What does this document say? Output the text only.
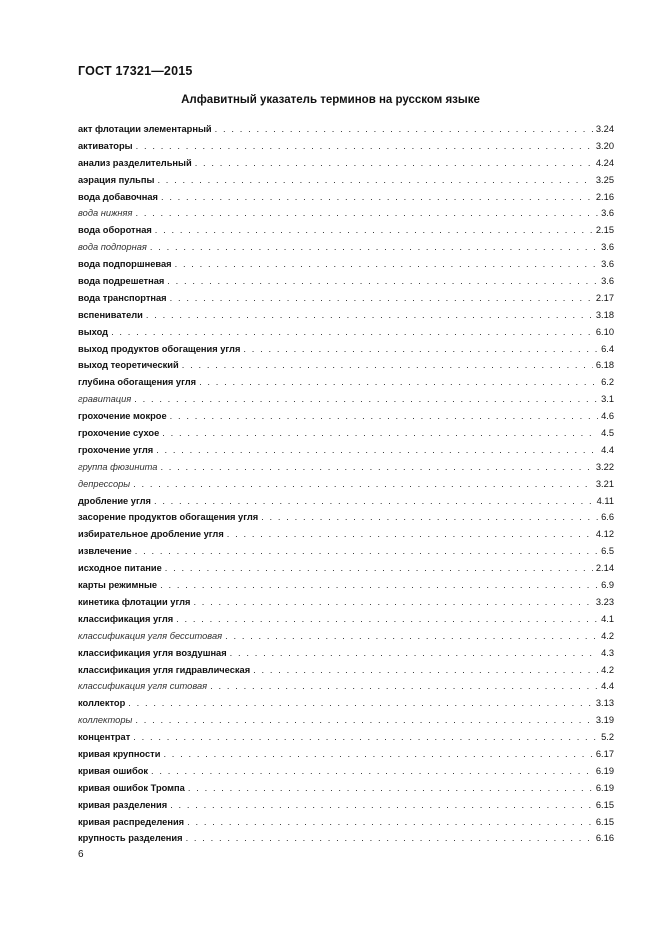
ГОСТ 17321—2015
Алфавитный указатель терминов на русском языке
акт флотации элементарный . . .	3.24
активаторы . . .	3.20
анализ разделительный . . .	4.24
аэрация пульпы . . .	3.25
вода добавочная . . .	2.16
вода нижняя . . .	3.6
вода оборотная . . .	2.15
вода подпорная . . .	3.6
вода подпоршневая . . .	3.6
вода подрешетная . . .	3.6
вода транспортная . . .	2.17
вспениватели . . .	3.18
выход . . .	6.10
выход продуктов обогащения угля . . .	6.4
выход теоретический . . .	6.18
глубина обогащения угля . . .	6.2
гравитация . . .	3.1
грохочение мокрое . . .	4.6
грохочение сухое . . .	4.5
грохочение угля . . .	4.4
группа фюзинита . . .	3.22
депрессоры . . .	3.21
дробление угля . . .	4.11
засорение продуктов обогащения угля . . .	6.6
избирательное дробление угля . . .	4.12
извлечение . . .	6.5
исходное питание . . .	2.14
карты режимные . . .	6.9
кинетика флотации угля . . .	3.23
классификация угля . . .	4.1
классификация угля бесситовая . . .	4.2
классификация угля воздушная . . .	4.3
классификация угля гидравлическая . . .	4.2
классификация угля ситовая . . .	4.4
коллектор . . .	3.13
коллекторы . . .	3.19
концентрат . . .	5.2
кривая крупности . . .	6.17
кривая ошибок . . .	6.19
кривая ошибок Тромпа . . .	6.19
кривая разделения . . .	6.15
кривая распределения . . .	6.15
крупность разделения . . .	6.16
6
